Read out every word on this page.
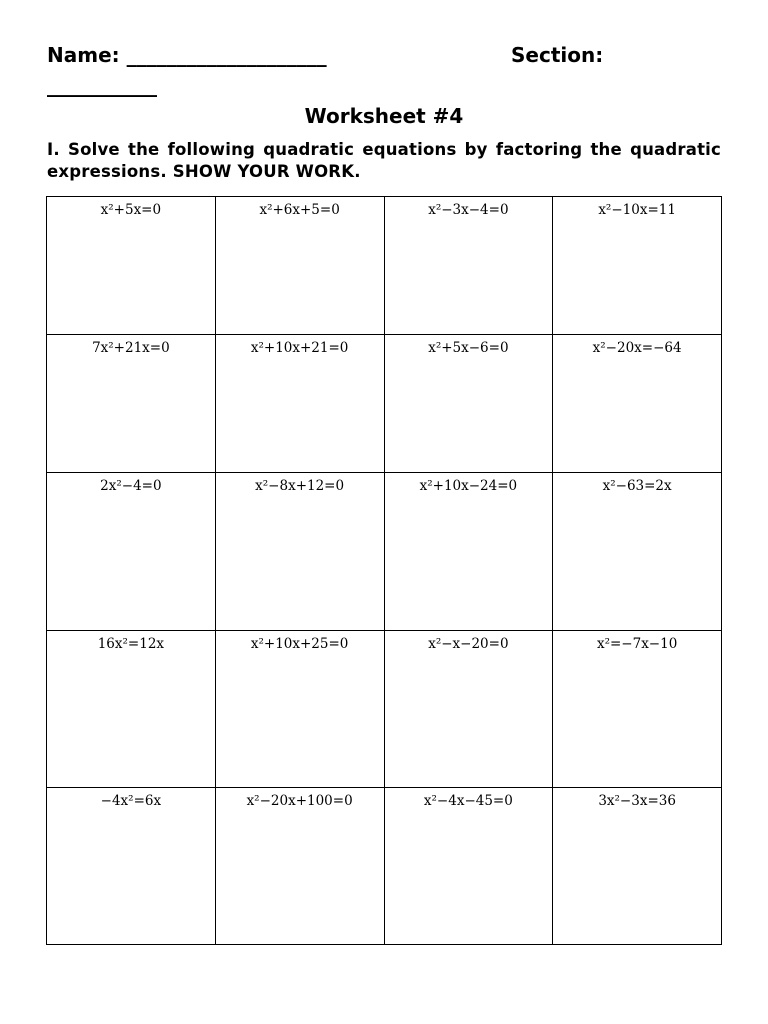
Name: ____________________	Section:
___________
Worksheet #4
I. Solve the following quadratic equations by factoring the quadratic expressions. SHOW YOUR WORK.
x²+5x=0	x²+6x+5=0	x²−3x−4=0	x²−10x=11
7x²+21x=0	x²+10x+21=0	x²+5x−6=0	x²−20x=−64
2x²−4=0	x²−8x+12=0	x²+10x−24=0	x²−63=2x
16x²=12x	x²+10x+25=0	x²−x−20=0	x²=−7x−10
−4x²=6x	x²−20x+100=0	x²−4x−45=0	3x²−3x=36
